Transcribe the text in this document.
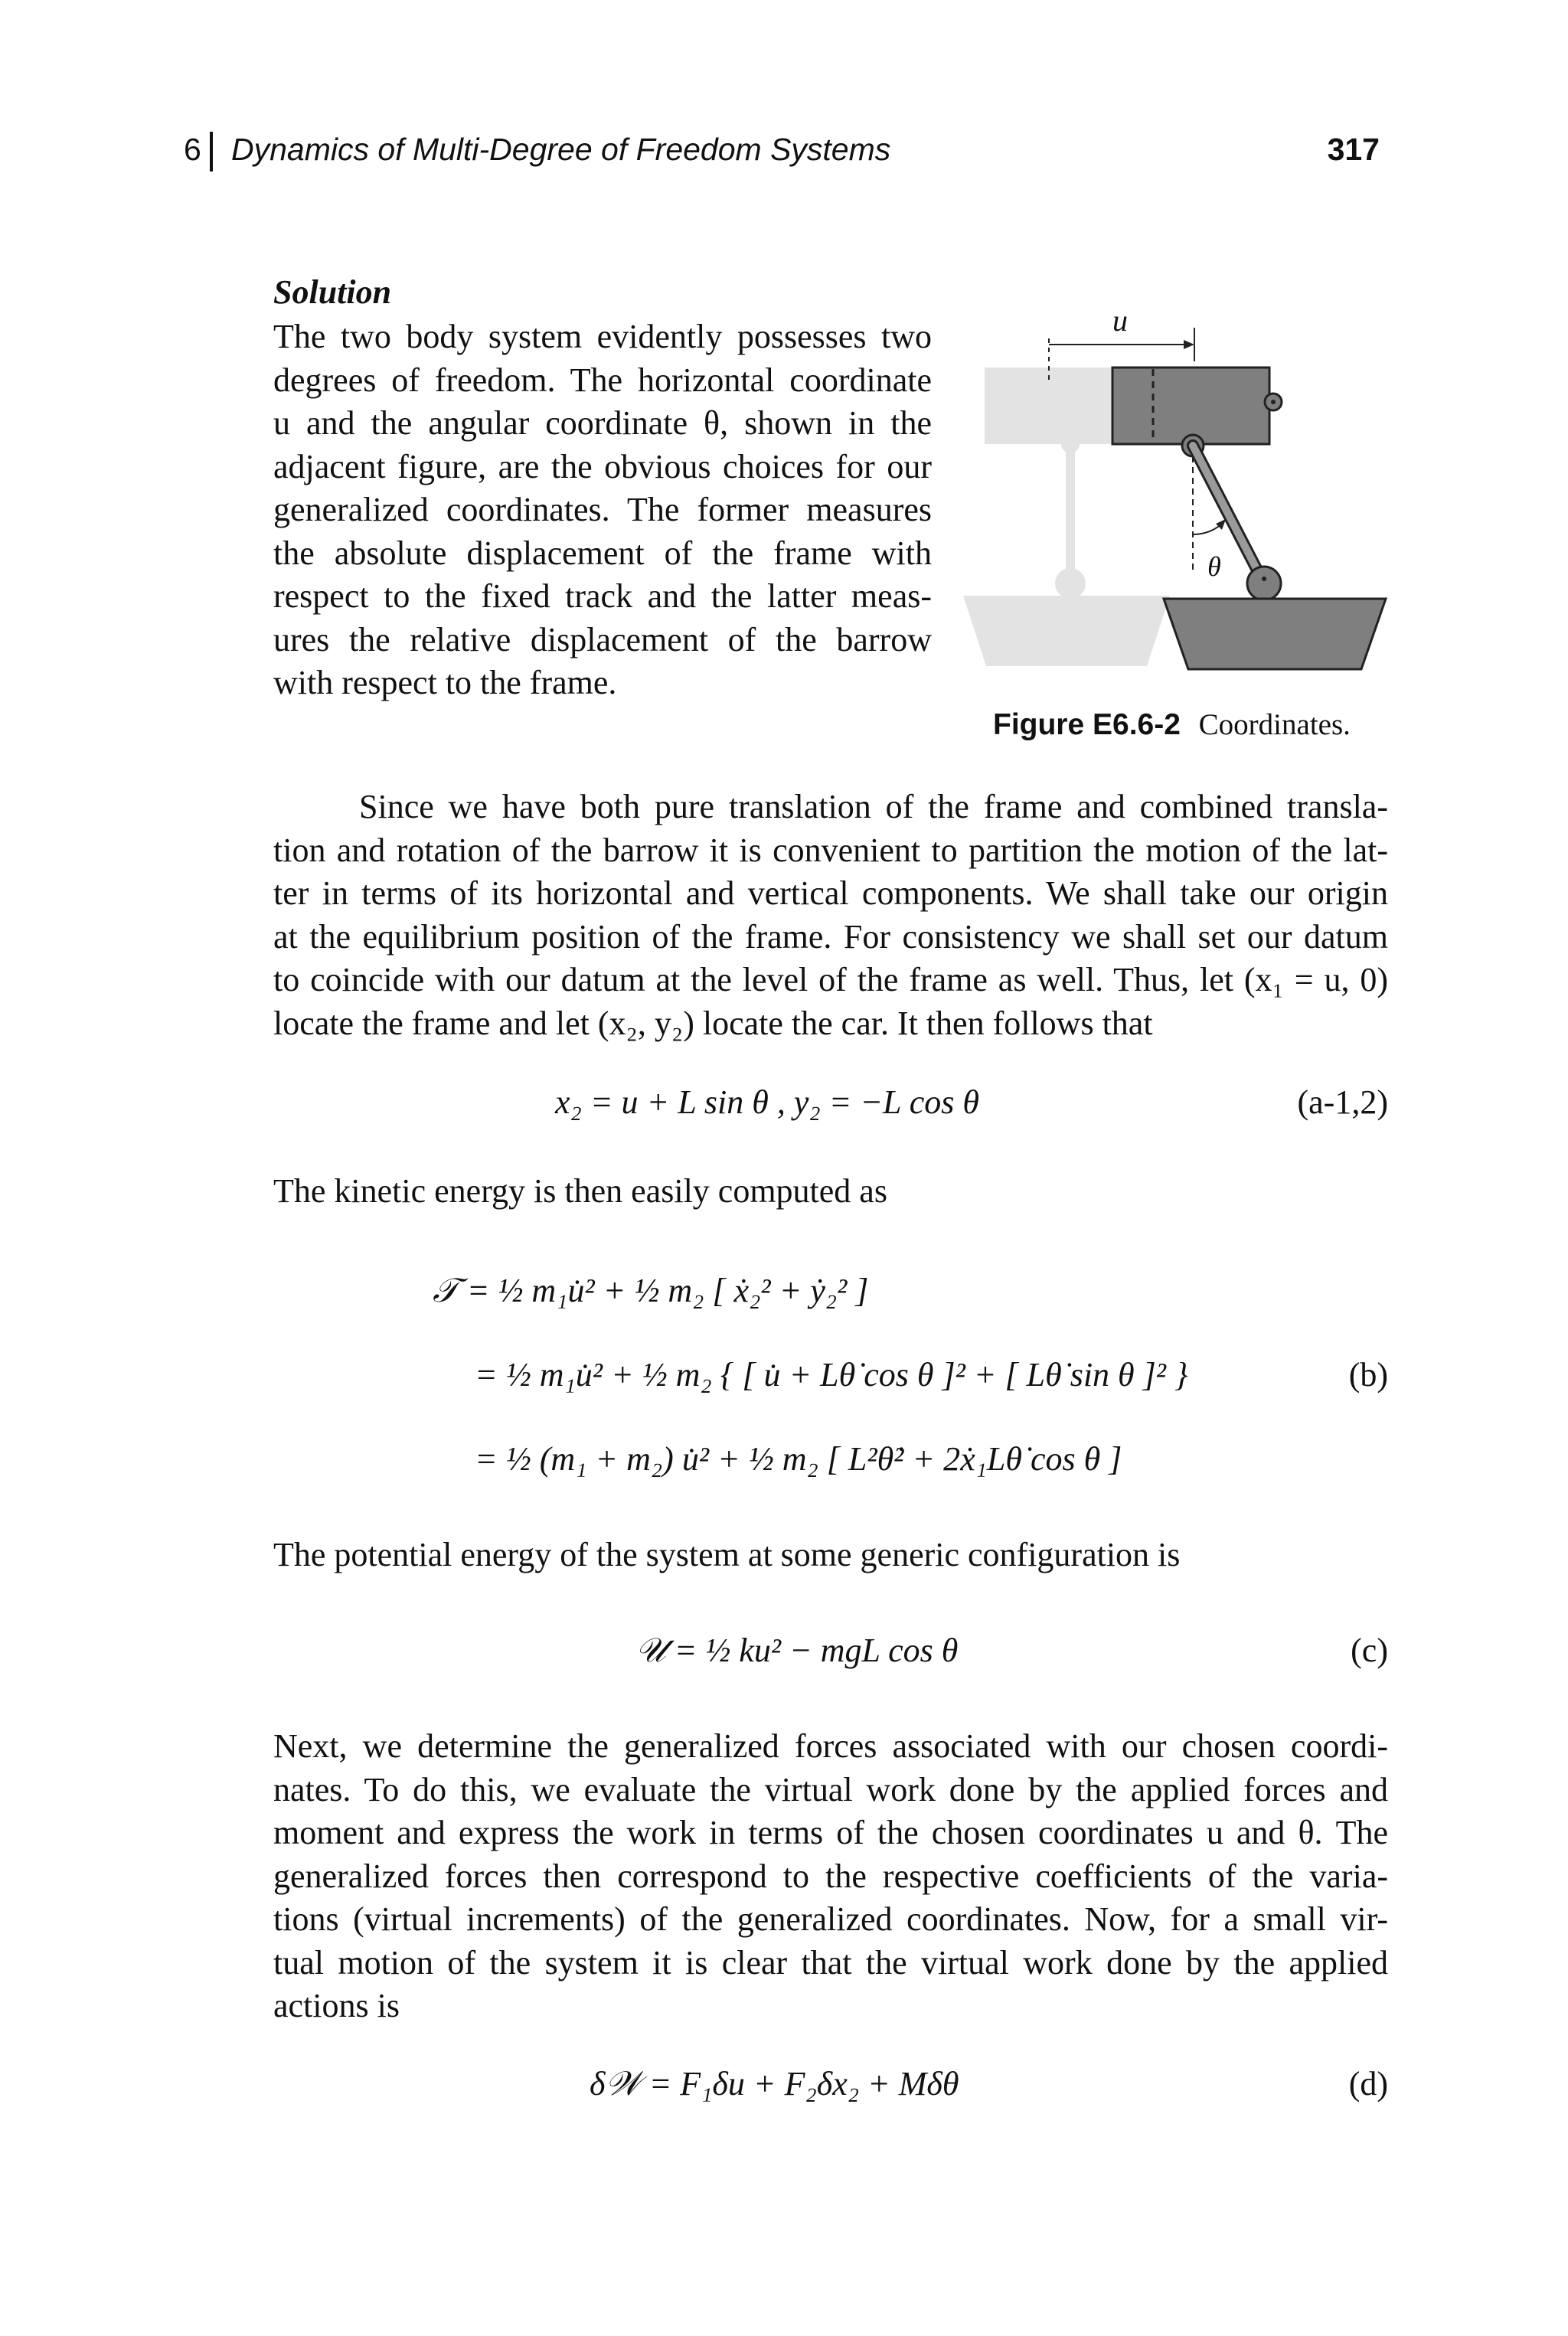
6 Dynamics of Multi-Degree of Freedom Systems	317
Solution
The two body system evidently possesses two
degrees of freedom. The horizontal coordinate
u and the angular coordinate θ, shown in the
adjacent figure, are the obvious choices for our
generalized coordinates. The former measures
the absolute displacement of the frame with
respect to the fixed track and the latter meas-
ures the relative displacement of the barrow
with respect to the frame.
u
θ
Figure E6.6-2 Coordinates.
Since we have both pure translation of the frame and combined transla-
tion and rotation of the barrow it is convenient to partition the motion of the lat-
ter in terms of its horizontal and vertical components. We shall take our origin
at the equilibrium position of the frame. For consistency we shall set our datum
to coincide with our datum at the level of the frame as well. Thus, let (x₁ = u, 0)
locate the frame and let (x₂, y₂) locate the car. It then follows that
x₂ = u + L sin θ , y₂ = −L cos θ	(a-1,2)
The kinetic energy is then easily computed as
𝒯 = ½ m₁u̇² + ½ m₂ [ ẋ₂² + ẏ₂² ]
= ½ m₁u̇² + ½ m₂ { [ u̇ + Lθ̇ cos θ ]² + [ Lθ̇ sin θ ]² }
= ½ (m₁ + m₂) u̇² + ½ m₂ [ L²θ̇² + 2ẋ₁Lθ̇ cos θ ]
(b)
The potential energy of the system at some generic configuration is
𝒰 = ½ ku² − mgL cos θ	(c)
Next, we determine the generalized forces associated with our chosen coordi-
nates. To do this, we evaluate the virtual work done by the applied forces and
moment and express the work in terms of the chosen coordinates u and θ. The
generalized forces then correspond to the respective coefficients of the varia-
tions (virtual increments) of the generalized coordinates. Now, for a small vir-
tual motion of the system it is clear that the virtual work done by the applied
actions is
δ𝒲 = F₁δu + F₂δx₂ + Mδθ	(d)
